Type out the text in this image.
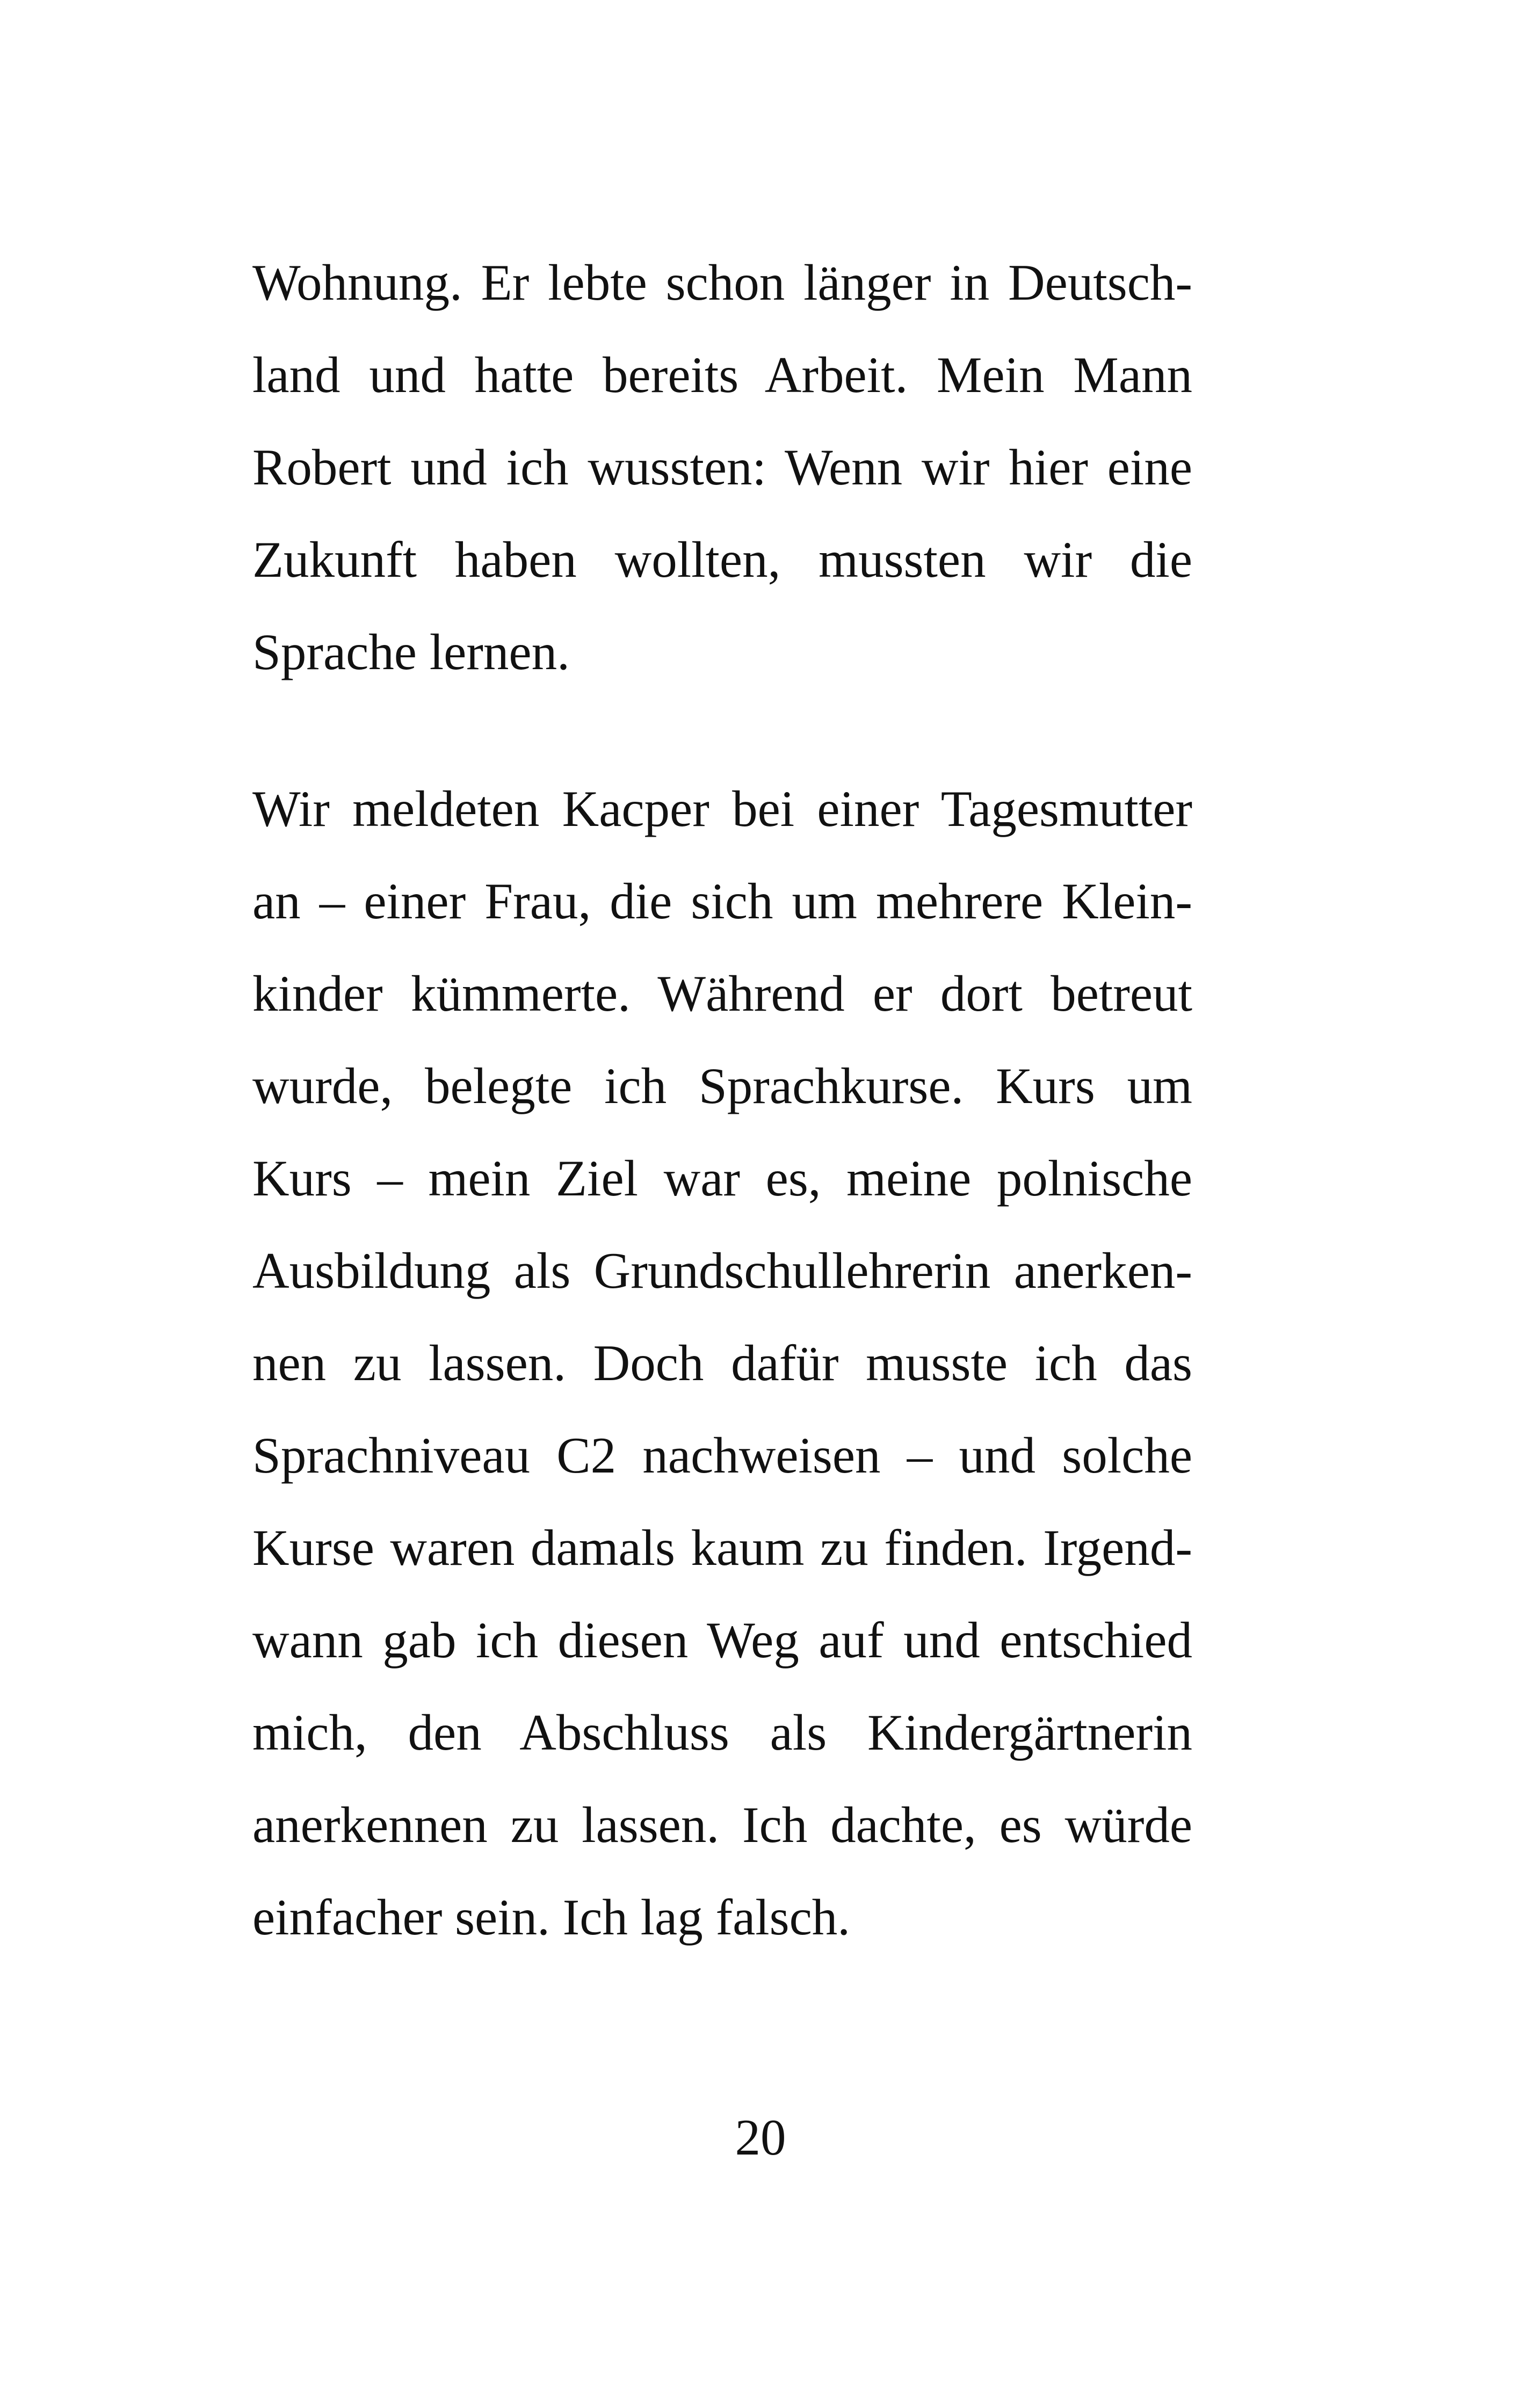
Wohnung. Er lebte schon länger in Deutsch-
land und hatte bereits Arbeit. Mein Mann
Robert und ich wussten: Wenn wir hier eine
Zukunft haben wollten, mussten wir die
Sprache lernen.
Wir meldeten Kacper bei einer Tagesmutter
an – einer Frau, die sich um mehrere Klein-
kinder kümmerte. Während er dort betreut
wurde, belegte ich Sprachkurse. Kurs um
Kurs – mein Ziel war es, meine polnische
Ausbildung als Grundschullehrerin anerken-
nen zu lassen. Doch dafür musste ich das
Sprachniveau C2 nachweisen – und solche
Kurse waren damals kaum zu finden. Irgend-
wann gab ich diesen Weg auf und entschied
mich, den Abschluss als Kindergärtnerin
anerkennen zu lassen. Ich dachte, es würde
einfacher sein. Ich lag falsch.
20
